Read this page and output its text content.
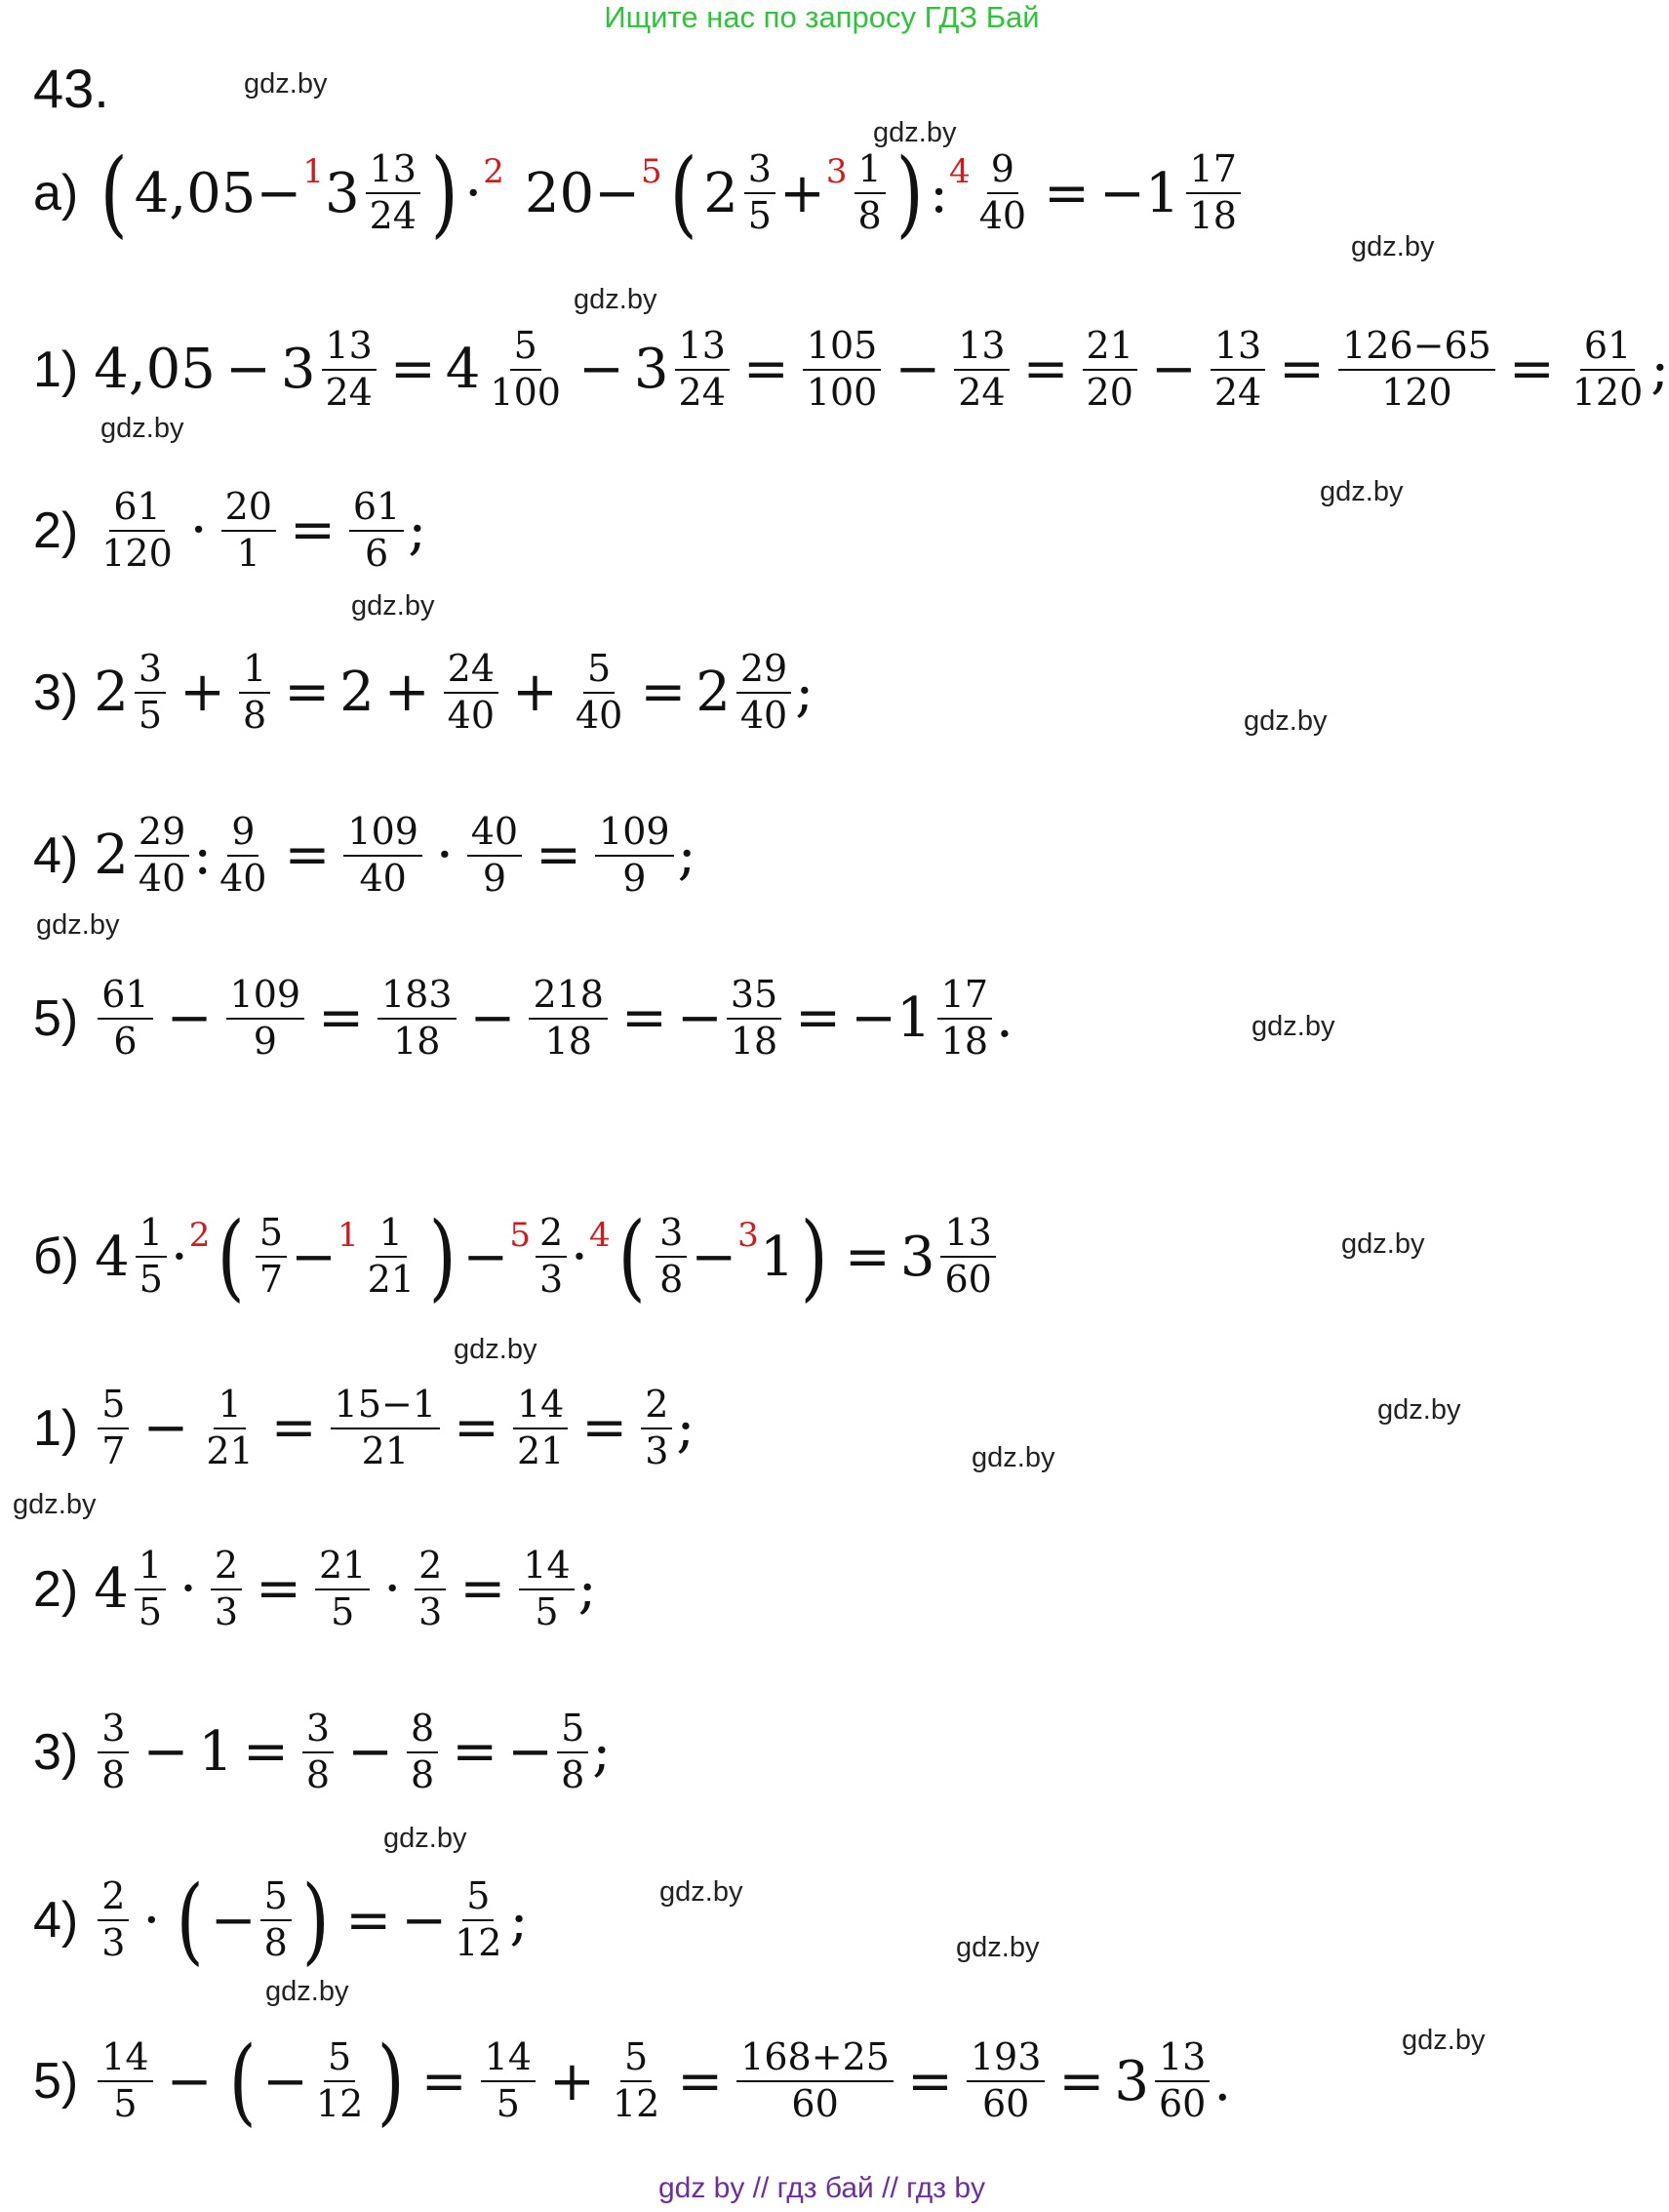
Ищите нас по запросу ГДЗ Бай
gdz by // гдз бай // гдз by
43.	gdz.by
gdz.by
gdz.by
gdz.by
gdz.by
gdz.by
gdz.by
gdz.by
gdz.by
gdz.by
gdz.by
gdz.by
gdz.by
gdz.by
gdz.by
gdz.by
gdz.by
gdz.by
gdz.by
gdz.by
а) ( 4,05 − 1 $3 \frac{13}{24}$ ) · 2 20 − 5 ( $2 \frac{3}{5} + 3 \frac{1}{8}$ ) : $4 \frac{9}{40}$ = − $1 \frac{17}{18}$
1) $4,05 - 3 \frac{13}{24} = 4 \frac{5}{100} - 3 \frac{13}{24} = \frac{105}{100} - \frac{13}{24} = \frac{21}{20} - \frac{13}{24} = \frac{126-65}{120} = \frac{61}{120}$ ;
$2) \frac{61}{120} \cdot \frac{20}{1} = \frac{61}{6}$ ;
3) $2 \frac{3}{5} + \frac{1}{8} = 2 + \frac{24}{40} + \frac{5}{40} = 2 \frac{29}{40}$ ;
4) $2 \frac{29}{40}$ : $\frac{9}{40} = \frac{109}{40} \cdot \frac{40}{9} = \frac{109}{9}$ ;
$5) \frac{61}{6} - \frac{109}{9} = \frac{183}{18} - \frac{218}{18}$ = − $\frac{35}{18}$ = − $1 \frac{17}{18}$ .
б) $4 \frac{1}{5} \cdot 2$ ( $\frac{5}{7} - 1 \frac{1}{21}$ ) − $5 \frac{2}{3} \cdot 4$ ( $\frac{3}{8} - 3$ 1 ) = $3 \frac{13}{60}$
$1) \frac{5}{7} - \frac{1}{21} = \frac{15-1}{21} = \frac{14}{21} = \frac{2}{3}$ ;
2) $4 \frac{1}{5} \cdot \frac{2}{3} = \frac{21}{5} \cdot \frac{2}{3} = \frac{14}{5}$ ;
$3) \frac{3}{8} - 1 = \frac{3}{8} - \frac{8}{8}$ = − $\frac{5}{8}$ ;
$4) \frac{2}{3}$ · ( − $\frac{5}{8}$ ) = − $\frac{5}{12}$ ;
$5) \frac{14}{5}$ − ( − $\frac{5}{12}$ ) = $\frac{14}{5} + \frac{5}{12} = \frac{168+25}{60} = \frac{193}{60} = 3 \frac{13}{60}$ .
